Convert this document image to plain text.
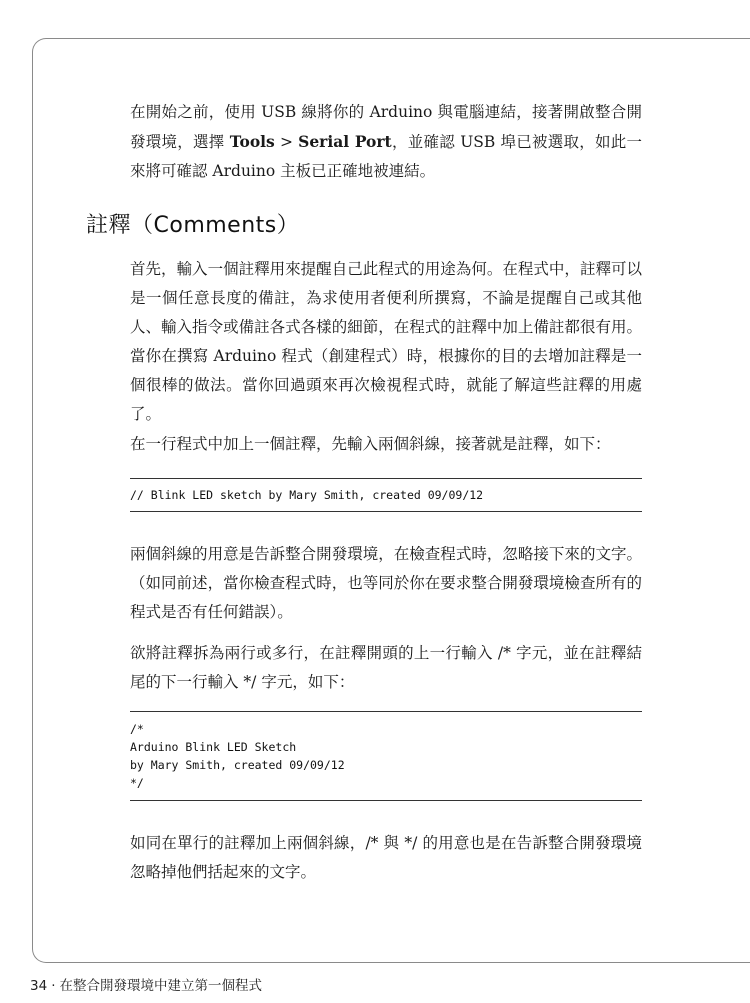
在開始之前，使用 USB 線將你的 Arduino 與電腦連結，接著開啟整合開發環境，選擇 Tools > Serial Port，並確認 USB 埠已被選取，如此一來將可確認 Arduino 主板已正確地被連結。

註釋（Comments）

首先，輸入一個註釋用來提醒自己此程式的用途為何。在程式中，註釋可以是一個任意長度的備註，為求使用者便利所撰寫，不論是提醒自己或其他人、輸入指令或備註各式各樣的細節，在程式的註釋中加上備註都很有用。當你在撰寫 Arduino 程式（創建程式）時，根據你的目的去增加註釋是一個很棒的做法。當你回過頭來再次檢視程式時，就能了解這些註釋的用處了。

在一行程式中加上一個註釋，先輸入兩個斜線，接著就是註釋，如下：

// Blink LED sketch by Mary Smith, created 09/09/12

兩個斜線的用意是告訴整合開發環境，在檢查程式時，忽略接下來的文字。（如同前述，當你檢查程式時，也等同於你在要求整合開發環境檢查所有的程式是否有任何錯誤）。

欲將註釋拆為兩行或多行，在註釋開頭的上一行輸入 /* 字元，並在註釋結尾的下一行輸入 */ 字元，如下：

/*
Arduino Blink LED Sketch
by Mary Smith, created 09/09/12
*/

如同在單行的註釋加上兩個斜線，/* 與 */ 的用意也是在告訴整合開發環境忽略掉他們括起來的文字。

34 · 在整合開發環境中建立第一個程式
